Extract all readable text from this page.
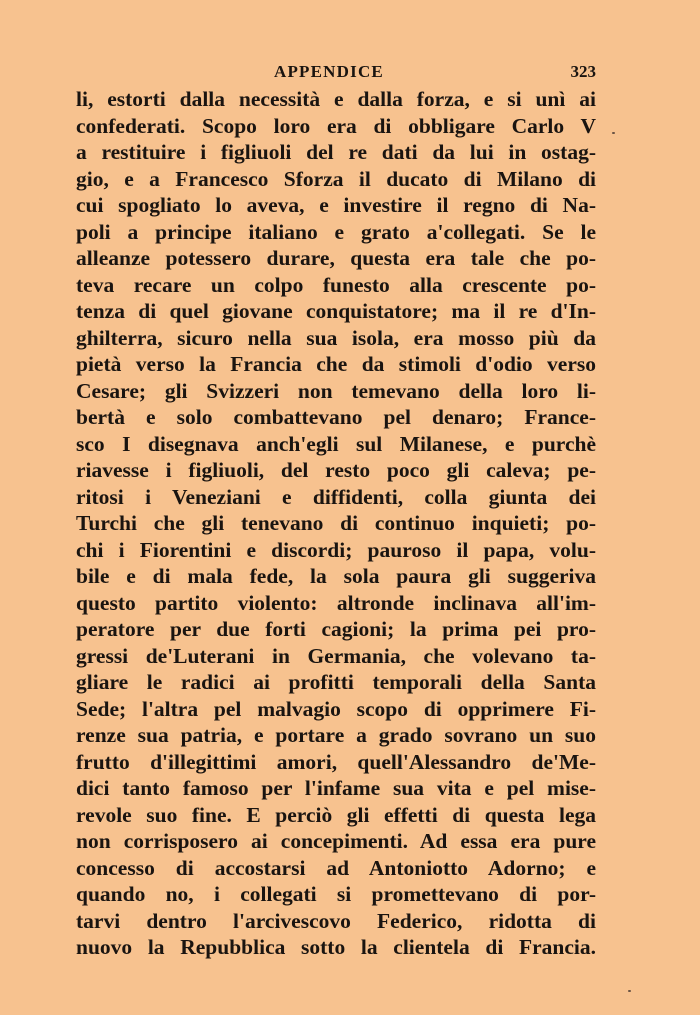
APPENDICE	323
li, estorti dalla necessità e dalla forza, e si unì ai
confederati. Scopo loro era di obbligare Carlo V
a restituire i figliuoli del re dati da lui in ostag-
gio, e a Francesco Sforza il ducato di Milano di
cui spogliato lo aveva, e investire il regno di Na-
poli a principe italiano e grato a'collegati. Se le
alleanze potessero durare, questa era tale che po-
teva recare un colpo funesto alla crescente po-
tenza di quel giovane conquistatore; ma il re d'In-
ghilterra, sicuro nella sua isola, era mosso più da
pietà verso la Francia che da stimoli d'odio verso
Cesare; gli Svizzeri non temevano della loro li-
bertà e solo combattevano pel denaro; France-
sco I disegnava anch'egli sul Milanese, e purchè
riavesse i figliuoli, del resto poco gli caleva; pe-
ritosi i Veneziani e diffidenti, colla giunta dei
Turchi che gli tenevano di continuo inquieti; po-
chi i Fiorentini e discordi; pauroso il papa, volu-
bile e di mala fede, la sola paura gli suggeriva
questo partito violento: altronde inclinava all'im-
peratore per due forti cagioni; la prima pei pro-
gressi de'Luterani in Germania, che volevano ta-
gliare le radici ai profitti temporali della Santa
Sede; l'altra pel malvagio scopo di opprimere Fi-
renze sua patria, e portare a grado sovrano un suo
frutto d'illegittimi amori, quell'Alessandro de'Me-
dici tanto famoso per l'infame sua vita e pel mise-
revole suo fine. E perciò gli effetti di questa lega
non corrisposero ai concepimenti. Ad essa era pure
concesso di accostarsi ad Antoniotto Adorno; e
quando no, i collegati si promettevano di por-
tarvi dentro l'arcivescovo Federico, ridotta di
nuovo la Repubblica sotto la clientela di Francia.
